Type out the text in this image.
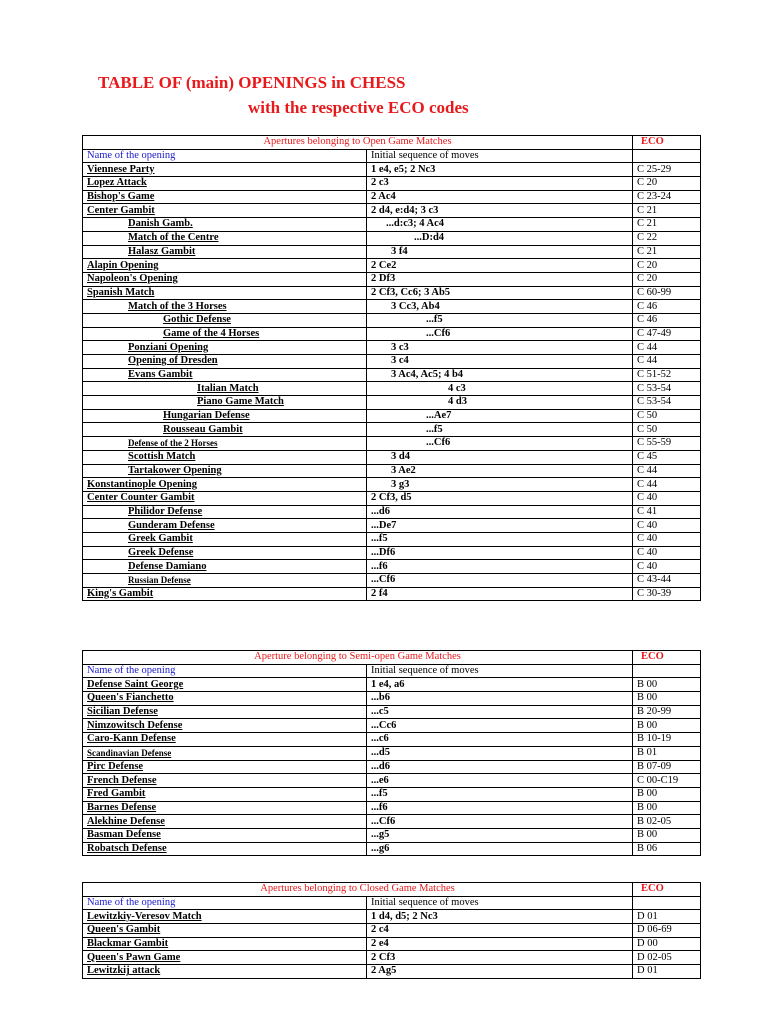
TABLE OF (main) OPENINGS in CHESS
with the respective ECO codes
Apertures belonging to Open Game Matches		ECO
Name of the opening	Initial sequence of moves	
Viennese Party	1 e4, e5; 2 Nc3	C 25-29
Lopez Attack	2 c3	C 20
Bishop's Game	2 Ac4	C 23-24
Center Gambit	2 d4, e:d4; 3 c3	C 21
Danish Gamb.	...d:c3; 4 Ac4	C 21
Match of the Centre	...D:d4	C 22
Halasz Gambit	3 f4	C 21
Alapin Opening	2 Ce2	C 20
Napoleon's Opening	2 Df3	C 20
Spanish Match	2 Cf3, Cc6; 3 Ab5	C 60-99
Match of the 3 Horses	3 Cc3, Ab4	C 46
Gothic Defense	...f5	C 46
Game of the 4 Horses	...Cf6	C 47-49
Ponziani Opening	3 c3	C 44
Opening of Dresden	3 c4	C 44
Evans Gambit	3 Ac4, Ac5; 4 b4	C 51-52
Italian Match	4 c3	C 53-54
Piano Game Match	4 d3	C 53-54
Hungarian Defense	...Ae7	C 50
Rousseau Gambit	...f5	C 50
Defense of the 2 Horses	...Cf6	C 55-59
Scottish Match	3 d4	C 45
Tartakower Opening	3 Ae2	C 44
Konstantinople Opening	3 g3	C 44
Center Counter Gambit	2 Cf3, d5	C 40
Philidor Defense	...d6	C 41
Gunderam Defense	...De7	C 40
Greek Gambit	...f5	C 40
Greek Defense	...Df6	C 40
Defense Damiano	...f6	C 40
Russian Defense	...Cf6	C 43-44
King's Gambit	2 f4	C 30-39
Aperture belonging to Semi-open Game Matches		ECO
Name of the opening	Initial sequence of moves	
Defense Saint George	1 e4, a6	B 00
Queen's Fianchetto	...b6	B 00
Sicilian Defense	...c5	B 20-99
Nimzowitsch Defense	...Cc6	B 00
Caro-Kann Defense	...c6	B 10-19
Scandinavian Defense	...d5	B 01
Pirc Defense	...d6	B 07-09
French Defense	...e6	C 00-C19
Fred Gambit	...f5	B 00
Barnes Defense	...f6	B 00
Alekhine Defense	...Cf6	B 02-05
Basman Defense	...g5	B 00
Robatsch Defense	...g6	B 06
Apertures belonging to Closed Game Matches		ECO
Name of the opening	Initial sequence of moves	
Lewitzkiy-Veresov Match	1 d4, d5; 2 Nc3	D 01
Queen's Gambit	2 c4	D 06-69
Blackmar Gambit	2 e4	D 00
Queen's Pawn Game	2 Cf3	D 02-05
Lewitzkij attack	2 Ag5	D 01
